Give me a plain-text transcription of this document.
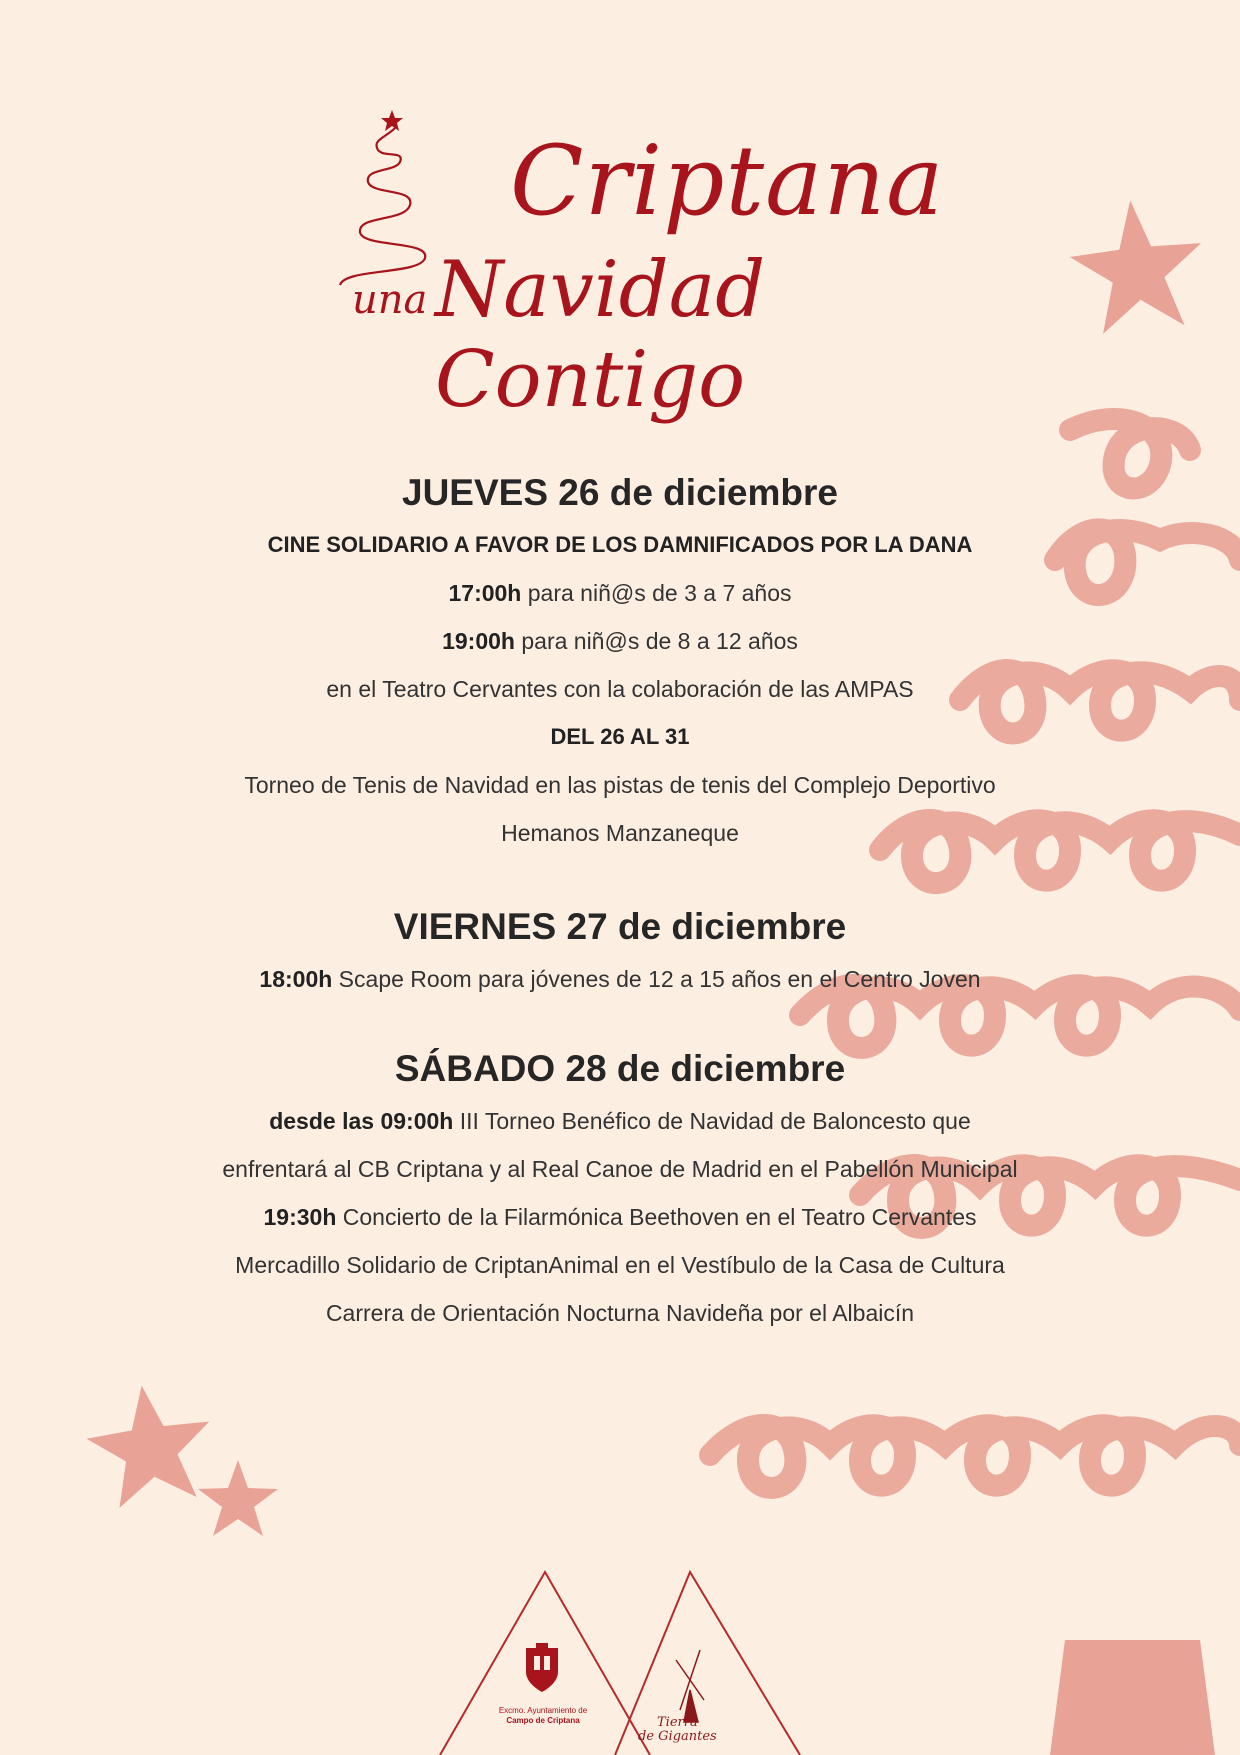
Criptana
una Navidad Contigo

JUEVES 26 de diciembre

CINE SOLIDARIO A FAVOR DE LOS DAMNIFICADOS POR LA DANA

17:00h para niñ@s de 3 a 7 años

19:00h para niñ@s de 8 a 12 años

en el Teatro Cervantes con la colaboración de las AMPAS

DEL 26 AL 31

Torneo de Tenis de Navidad en las pistas de tenis del Complejo Deportivo

Hemanos Manzaneque

VIERNES 27 de diciembre

18:00h Scape Room para jóvenes de 12 a 15 años en el Centro Joven

SÁBADO 28 de diciembre

desde las 09:00h III Torneo Benéfico de Navidad de Baloncesto que

enfrentará al CB Criptana y al Real Canoe de Madrid en el Pabellón Municipal

19:30h Concierto de la Filarmónica Beethoven en el Teatro Cervantes

Mercadillo Solidario de CriptanAnimal en el Vestíbulo de la Casa de Cultura

Carrera de Orientación Nocturna Navideña por el Albaicín

Excmo. Ayuntamiento de
Campo de Criptana	Tierra
de Gigantes
